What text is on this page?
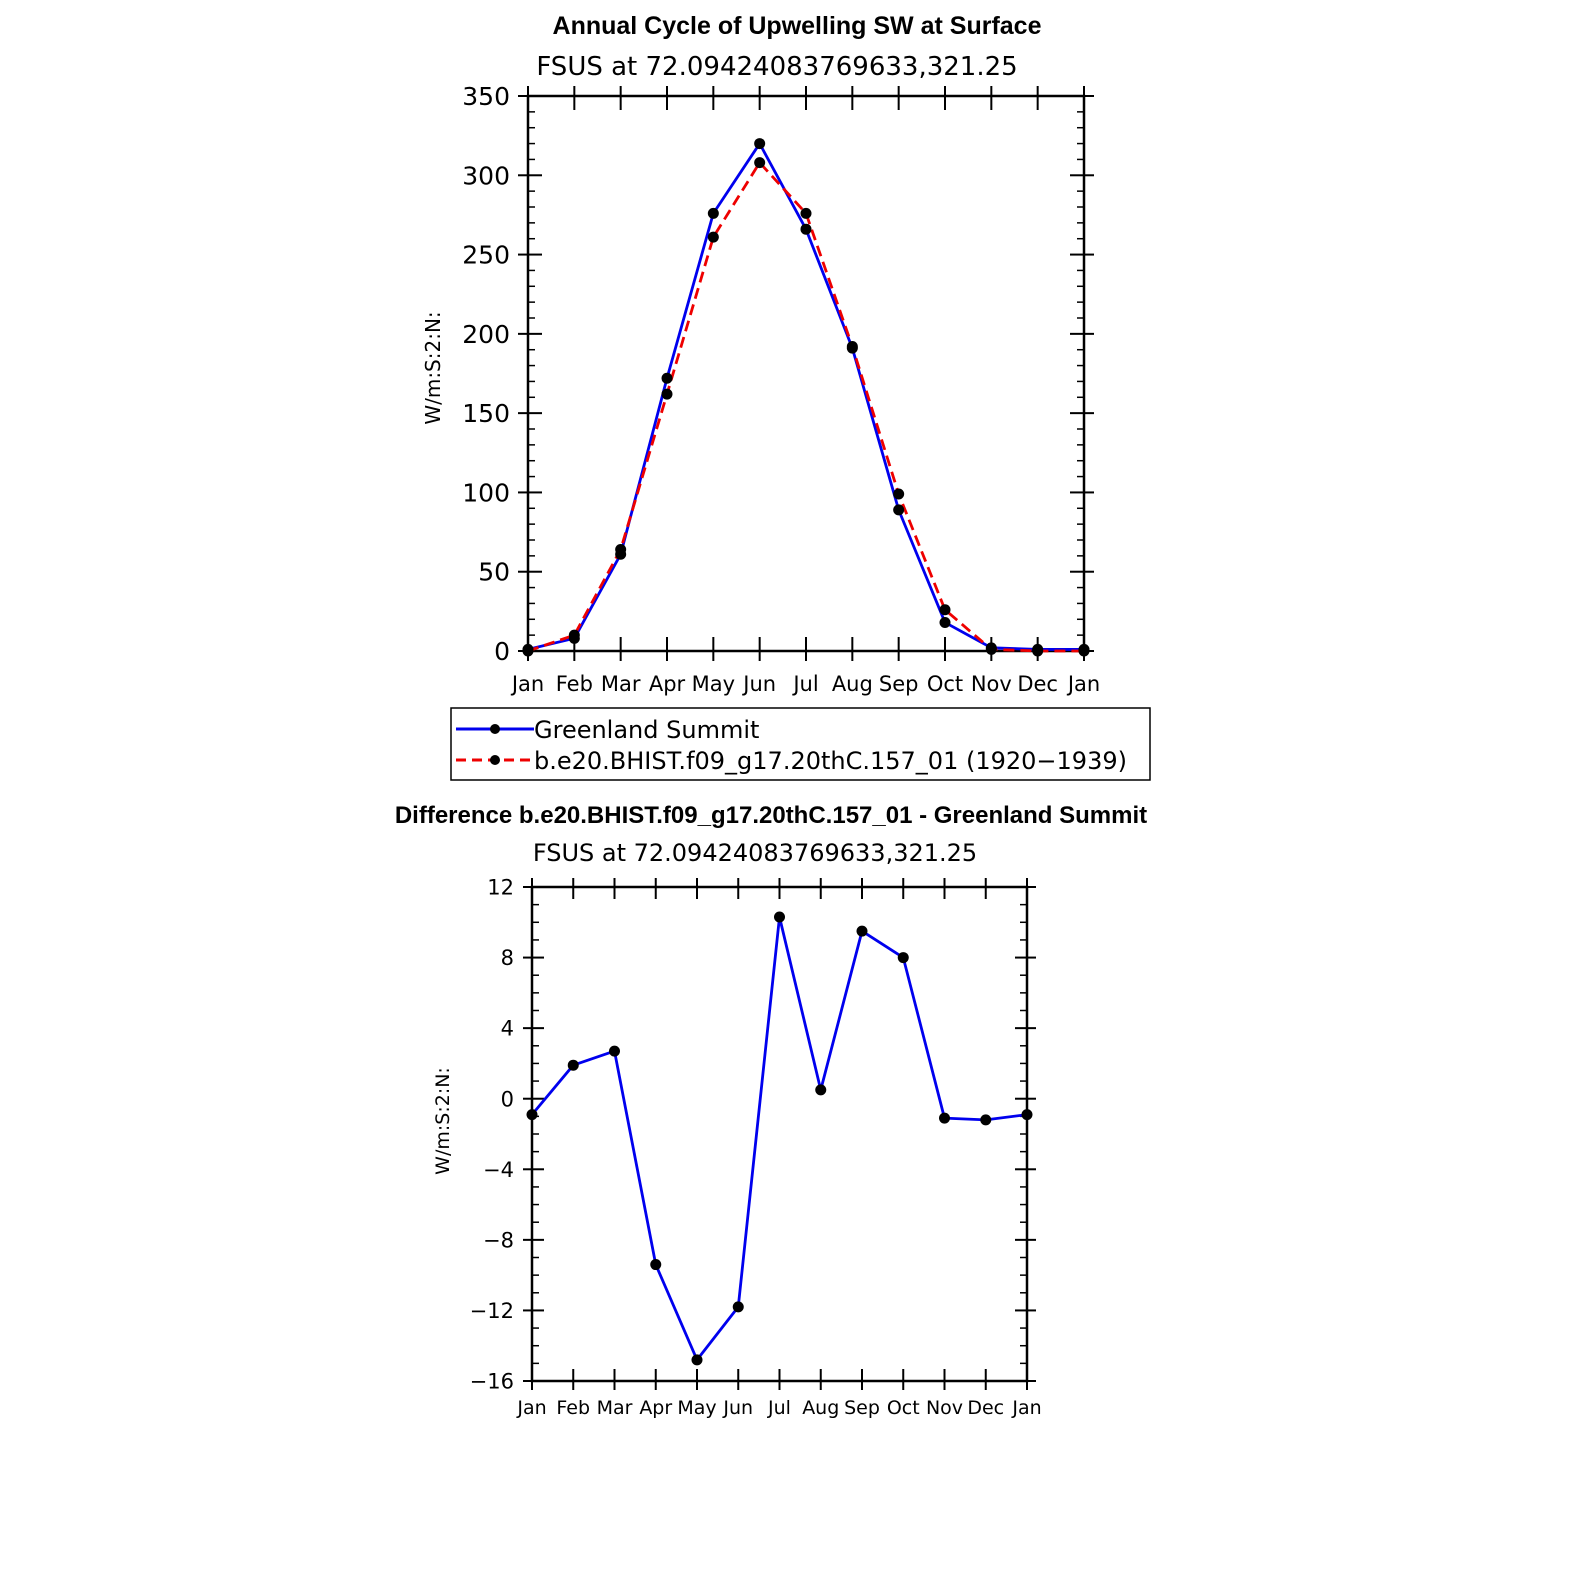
Annual Cycle of Upwelling SW at Surface
FSUS at 72.09424083769633,321.25
W/m:S:2:N:
Jan Feb Mar Apr May Jun Jul Aug Sep Oct Nov Dec Jan
0
50
100
150
200
250
300
350
Greenland Summit
b.e20.BHIST.f09_g17.20thC.157_01 (1920−1939)
Difference b.e20.BHIST.f09_g17.20thC.157_01 - Greenland Summit
FSUS at 72.09424083769633,321.25
W/m:S:2:N:
Jan Feb Mar Apr May Jun Jul Aug Sep Oct Nov Dec Jan
−16
−12
−8
−4
0
4
8
12
